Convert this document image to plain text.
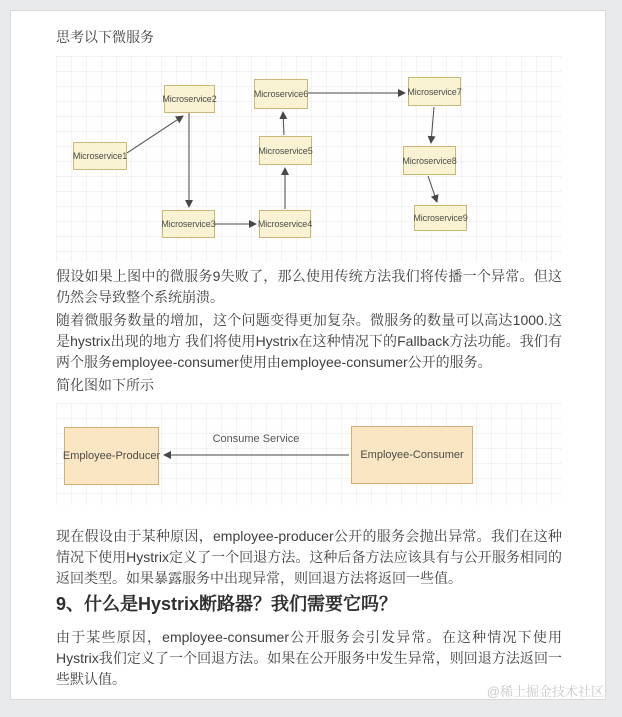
思考以下微服务

Microservice1
Microservice2
Microservice3	Microservice4
Microservice5
Microservice6	Microservice7
Microservice8
Microservice9

假设如果上图中的微服务9失败了，那么使用传统方法我们将传播一个异常。但这仍然会导致整个系统崩溃。

随着微服务数量的增加，这个问题变得更加复杂。微服务的数量可以高达1000.这是hystrix出现的地方 我们将使用Hystrix在这种情况下的Fallback方法功能。我们有两个服务employee-consumer使用由employee-consumer公开的服务。

简化图如下所示

Employee-Producer	Employee-Consumer
Consume Service

现在假设由于某种原因，employee-producer公开的服务会抛出异常。我们在这种情况下使用Hystrix定义了一个回退方法。这种后备方法应该具有与公开服务相同的返回类型。如果暴露服务中出现异常，则回退方法将返回一些值。

9、什么是Hystrix断路器？我们需要它吗？

由于某些原因，employee-consumer公开服务会引发异常。在这种情况下使用Hystrix我们定义了一个回退方法。如果在公开服务中发生异常，则回退方法返回一些默认值。

@稀土掘金技术社区
